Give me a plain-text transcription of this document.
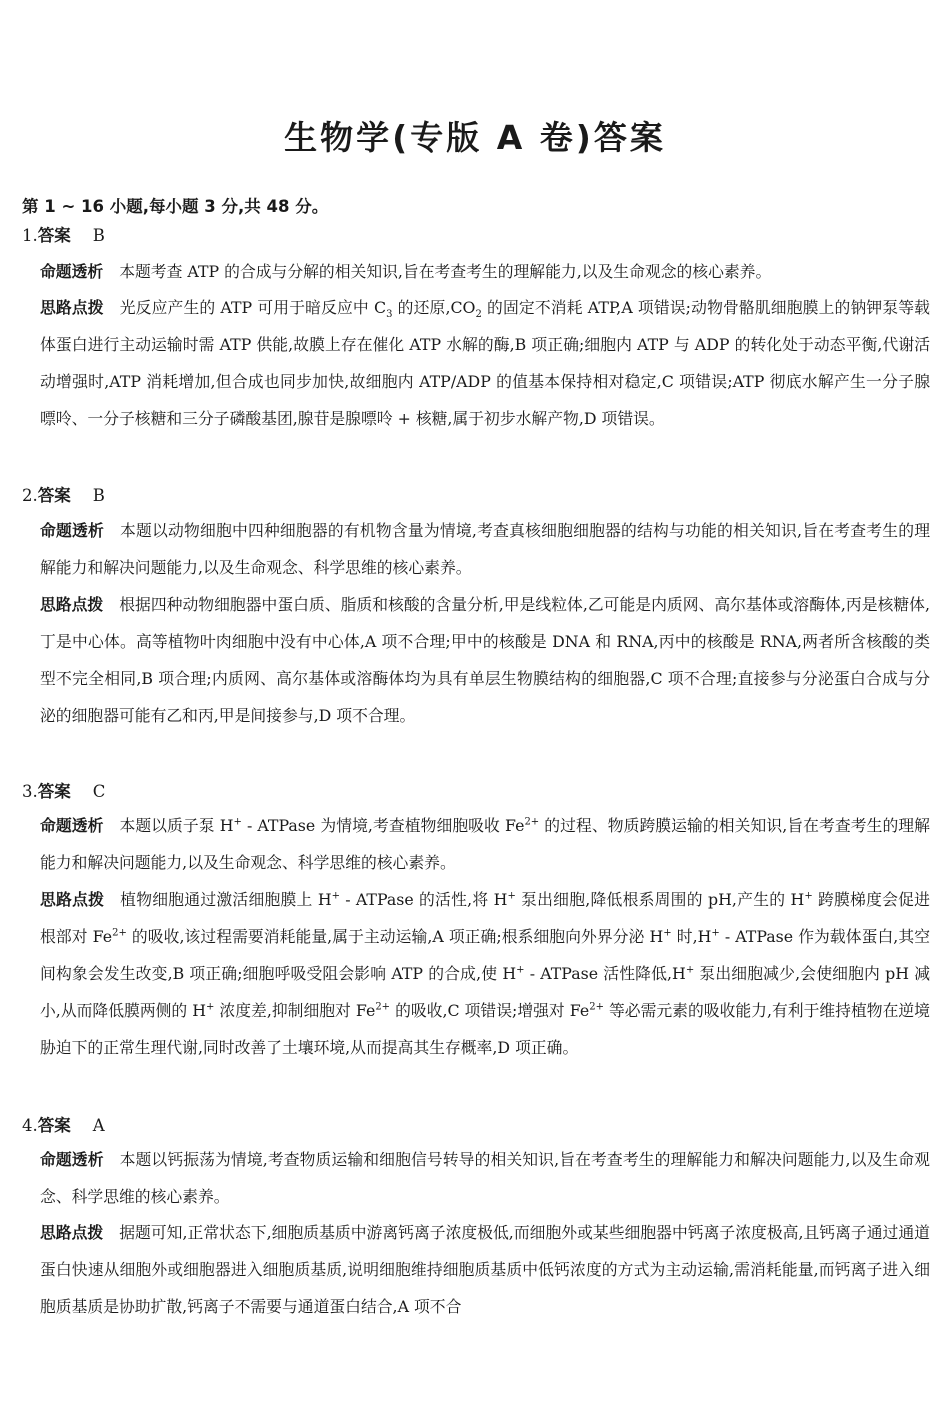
生物学(专版 A 卷)答案
第 1 ~ 16 小题,每小题 3 分,共 48 分。
1.答案 B
命题透析 本题考查 ATP 的合成与分解的相关知识,旨在考查考生的理解能力,以及生命观念的核心素养。
思路点拨 光反应产生的 ATP 可用于暗反应中 $C_3$ 的还原$,CO_2$ 的固定不消耗 ATP,A 项错误;动物骨骼肌细胞膜上的钠钾泵等载体蛋白进行主动运输时需 ATP 供能,故膜上存在催化 ATP 水解的酶,B 项正确;细胞内 ATP 与 ADP 的转化处于动态平衡,代谢活动增强时,ATP 消耗增加,但合成也同步加快,故细胞内 ATP/ADP 的值基本保持相对稳定,C 项错误;ATP 彻底水解产生一分子腺嘌呤、一分子核糖和三分子磷酸基团,腺苷是腺嘌呤 + 核糖,属于初步水解产物,D 项错误。
2.答案 B
命题透析 本题以动物细胞中四种细胞器的有机物含量为情境,考查真核细胞细胞器的结构与功能的相关知识,旨在考查考生的理解能力和解决问题能力,以及生命观念、科学思维的核心素养。
思路点拨 根据四种动物细胞器中蛋白质、脂质和核酸的含量分析,甲是线粒体,乙可能是内质网、高尔基体或溶酶体,丙是核糖体,丁是中心体。高等植物叶肉细胞中没有中心体,A 项不合理;甲中的核酸是 DNA 和 RNA,丙中的核酸是 RNA,两者所含核酸的类型不完全相同,B 项合理;内质网、高尔基体或溶酶体均为具有单层生物膜结构的细胞器,C 项不合理;直接参与分泌蛋白合成与分泌的细胞器可能有乙和丙,甲是间接参与,D 项不合理。
3.答案 C
命题透析 本题以质子泵 H+ - ATPase 为情境,考查植物细胞吸收 $Fe^{2+}$ 的过程、物质跨膜运输的相关知识,旨在考查考生的理解能力和解决问题能力,以及生命观念、科学思维的核心素养。
思路点拨 植物细胞通过激活细胞膜上 H+ - ATPase 的活性,将 H+ 泵出细胞,降低根系周围的 pH,产生的 H+ 跨膜梯度会促进根部对 $Fe^{2+}$ 的吸收,该过程需要消耗能量,属于主动运输,A 项正确;根系细胞向外界分泌 H+ 时,H+ - ATPase 作为载体蛋白,其空间构象会发生改变,B 项正确;细胞呼吸受阻会影响 ATP 的合成,使 H+ - ATPase 活性降低,H+ 泵出细胞减少,会使细胞内 pH 减小,从而降低膜两侧的 H+ 浓度差,抑制细胞对 $Fe^{2+}$ 的吸收,C 项错误;增强对 $Fe^{2+}$ 等必需元素的吸收能力,有利于维持植物在逆境胁迫下的正常生理代谢,同时改善了土壤环境,从而提高其生存概率,D 项正确。
4.答案 A
命题透析 本题以钙振荡为情境,考查物质运输和细胞信号转导的相关知识,旨在考查考生的理解能力和解决问题能力,以及生命观念、科学思维的核心素养。
思路点拨 据题可知,正常状态下,细胞质基质中游离钙离子浓度极低,而细胞外或某些细胞器中钙离子浓度极高,且钙离子通过通道蛋白快速从细胞外或细胞器进入细胞质基质,说明细胞维持细胞质基质中低钙浓度的方式为主动运输,需消耗能量,而钙离子进入细胞质基质是协助扩散,钙离子不需要与通道蛋白结合,A 项不合
